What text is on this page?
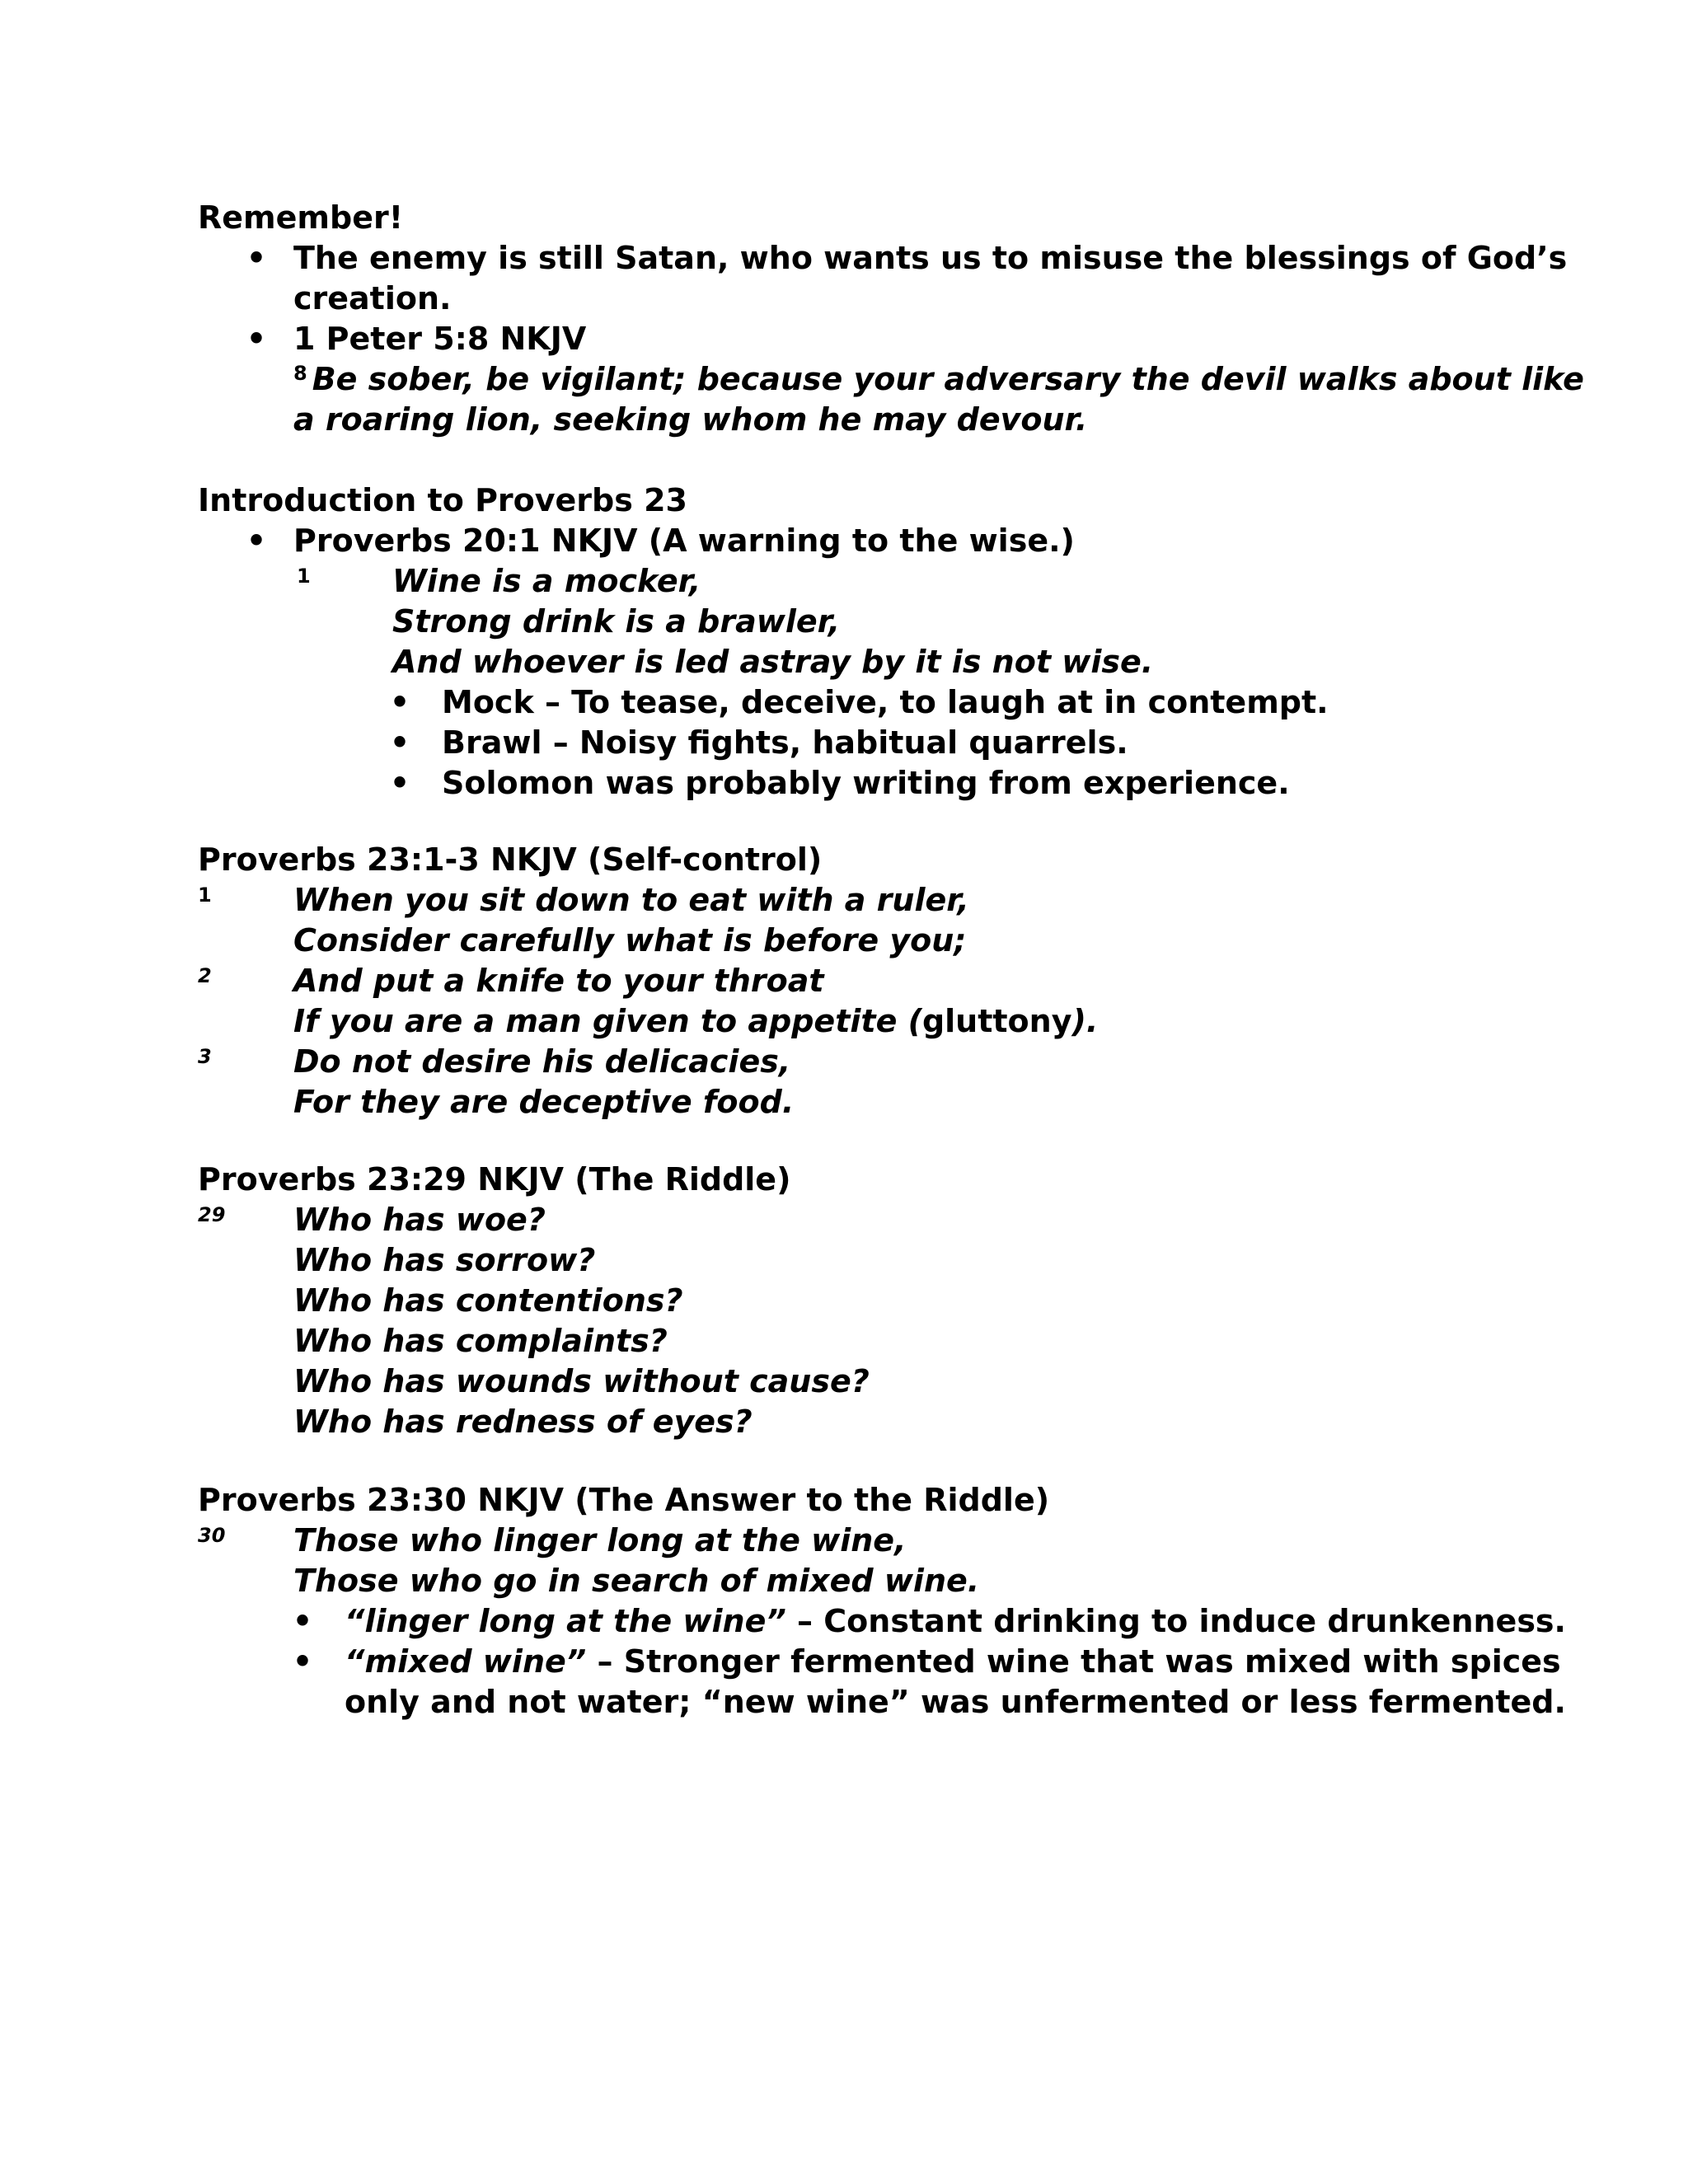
Remember!
• The enemy is still Satan, who wants us to misuse the blessings of God’s
creation.
• 1 Peter 5:8 NKJV
$^8$ Be sober, be vigilant; because your adversary the devil walks about like
a roaring lion, seeking whom he may devour.
Introduction to Proverbs 23
• Proverbs 20:1 NKJV (A warning to the wise.)
1	Wine is a mocker,
Strong drink is a brawler,
And whoever is led astray by it is not wise.
• Mock – To tease, deceive, to laugh at in contempt.
• Brawl – Noisy fights, habitual quarrels.
• Solomon was probably writing from experience.
Proverbs 23:1-3 NKJV (Self-control)
1	When you sit down to eat with a ruler,
Consider carefully what is before you;
2	And put a knife to your throat
If you are a man given to appetite (gluttony).
3	Do not desire his delicacies,
For they are deceptive food.
Proverbs 23:29 NKJV (The Riddle)
29 Who has woe?
Who has sorrow?
Who has contentions?
Who has complaints?
Who has wounds without cause?
Who has redness of eyes?
Proverbs 23:30 NKJV (The Answer to the Riddle)
30 Those who linger long at the wine,
Those who go in search of mixed wine.
• “linger long at the wine” – Constant drinking to induce drunkenness.
• “mixed wine” – Stronger fermented wine that was mixed with spices
only and not water; “new wine” was unfermented or less fermented.
